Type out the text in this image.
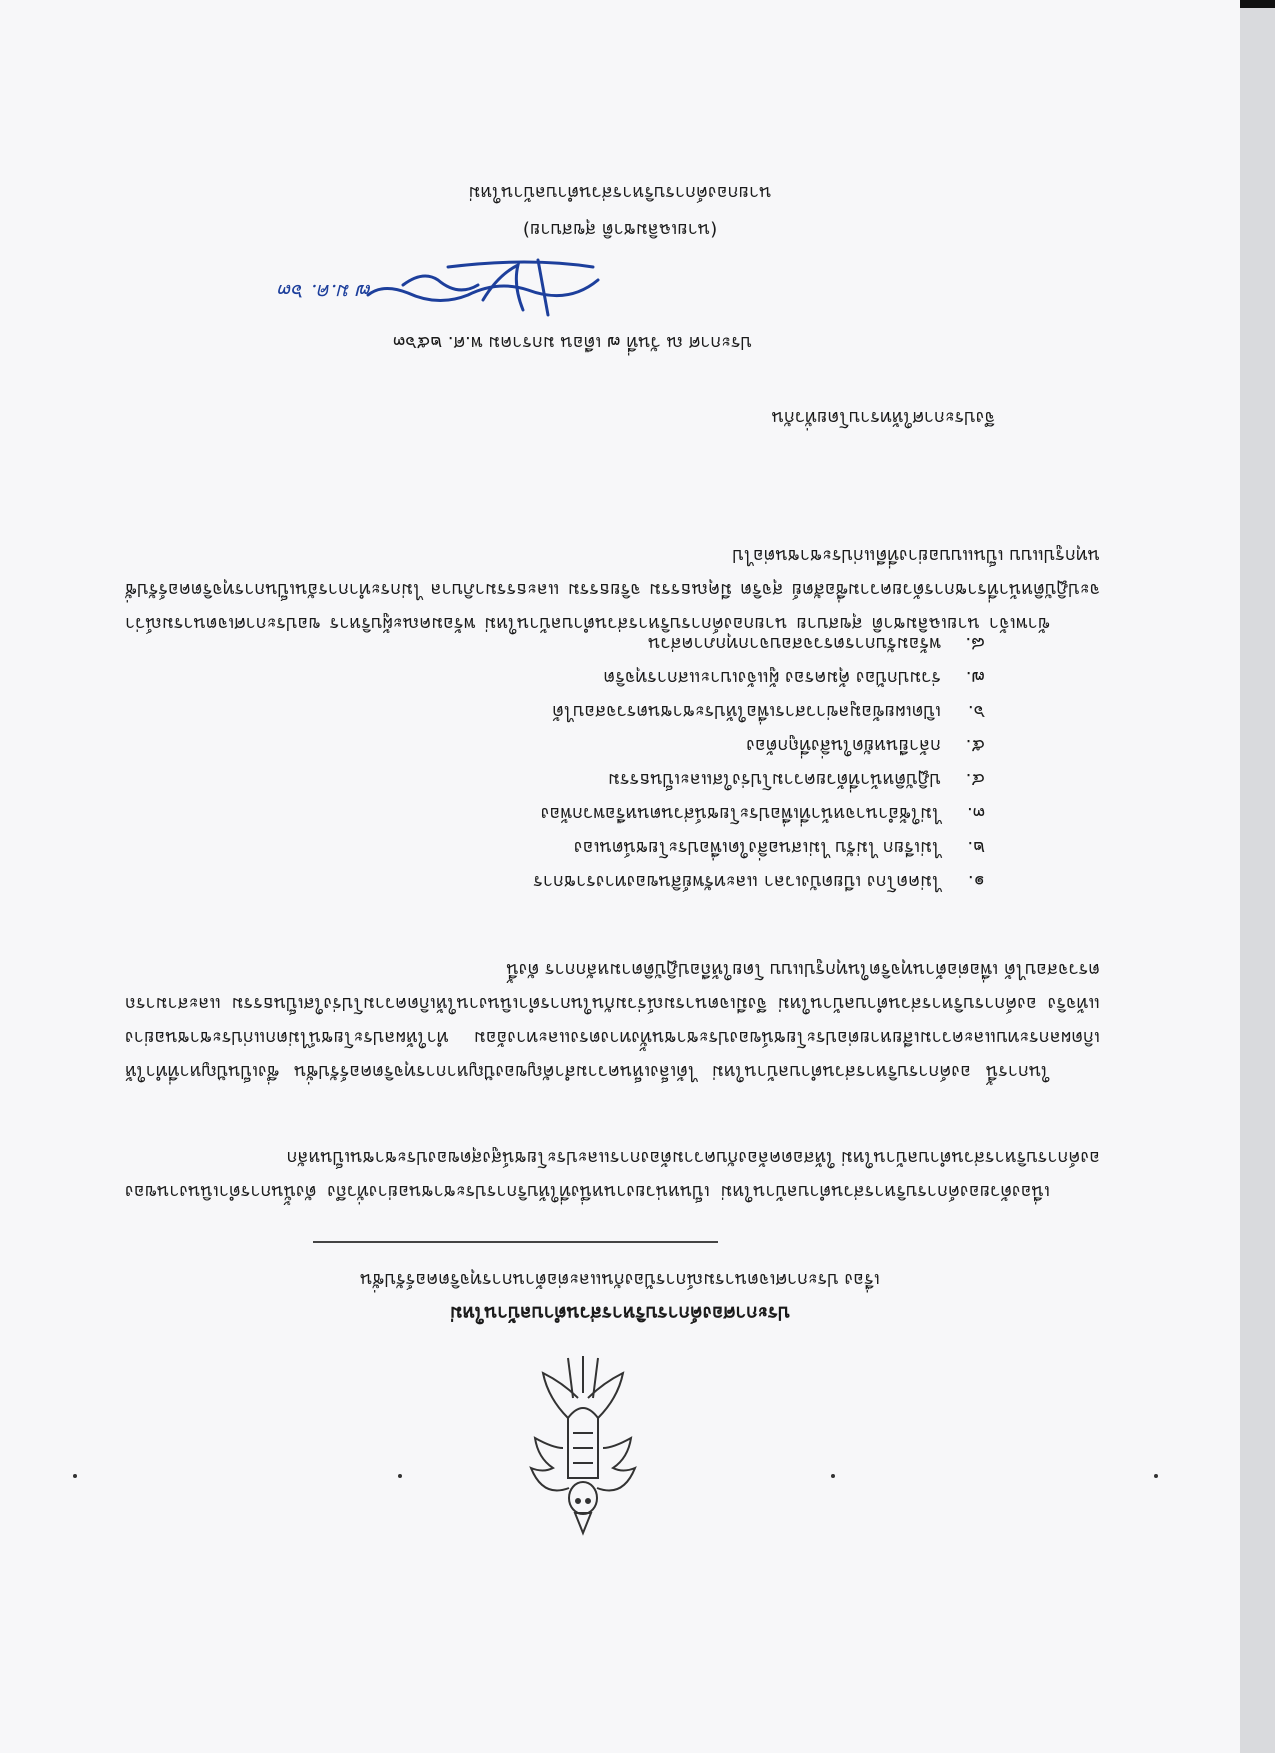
ประกาศองค์การบริหารส่วนตำบลบ้านใหม่
เรื่อง ประกาศเจตนารมณ์การป้องกันและต่อต้านการทุจริตคอร์รัปชั่น

เนื่องด้วยองค์การบริหารส่วนตำบลบ้านใหม่ เป็นหน่วยงานหนึ่งที่ให้บริการประชาชนอย่างทั่วถึง ดังนั้นการดำเนินงานขององค์การบริหารส่วนตำบลบ้านใหม่ ให้สอดคล้องกับความต้องการและประโยชน์สูงสุดของประชาชนเป็นหลัก

ในการนี้ องค์การบริหารส่วนตำบลบ้านใหม่ ได้เล็งเห็นความสำคัญของปัญหาการทุจริตคอร์รัปชั่น ซึ่งเป็นปัญหาที่ทำให้เกิดผลกระทบและความเสียหายต่อประโยชน์ของประชาชนทั้งทางตรงและทางอ้อม ทำให้ผลประโยชน์ไม่ตกแก่ประชาชนอย่างแท้จริง องค์การบริหารส่วนตำบลบ้านใหม่ จึงมีเจตนารมณ์ร่วมกันในการดำเนินงานให้เกิดความโปร่งใสเป็นธรรม และสามารถตรวจสอบได้ เพื่อต่อต้านทุจริตในทุกรูปแบบ โดยให้ถือปฏิบัติตามหลักการ ดังนี้

๑.
ไม่คดโกง เบียดบังเวลา และทรัพย์สินของทางราชการ
๒.
ไม่เรียก ไม่รับ ไม่เสนอสิ่งใดเพื่อประโยชน์ตนเอง
๓.
ไม่ใช้อำนาจหน้าที่เพื่อประโยชน์ส่วนตนหรือพวกพ้อง
๔.
ปฏิบัติหน้าที่ด้วยความโปร่งใสและเป็นธรรม
๕.
กล้ายืนหยัดในสิ่งที่ถูกต้อง
๖.
เปิดเผยข้อมูลข่าวสารเพื่อให้ประชาชนตรวจสอบได้
๗.
ร่วมปกป้อง คุ้มครอง ผู้แจ้งเบาะแสการทุจริต
๘.
พร้อมรับการตรวจสอบจากทุกภาคส่วน

ข้าพเจ้า นายเฉลิมชาติ สุขสบาย นายกองค์การบริหารส่วนตำบลบ้านใหม่ พร้อมคณะผู้บริหาร ขอประกาศเจตนารมณ์ว่าจะปฏิบัติหน้าที่ราชการด้วยความซื่อสัตย์ สุจริต มีคุณธรรม จริยธรรม และธรรมาภิบาล ไม่กระทำการอันเป็นการทุจริตคอร์รัปชั่นทุกรูปแบบ เป็นแบบอย่างที่ดีแก่ประชาชนต่อไป

จึงประกาศให้ทราบโดยทั่วกัน

ประกาศ ณ วันที่ ๗ เดือน มกราคม พ.ศ. ๒๕๖๓
๗ ม.ค. ๖๓
(นายเฉลิมชาติ สุขสบาย)
นายกองค์การบริหารส่วนตำบลบ้านใหม่
